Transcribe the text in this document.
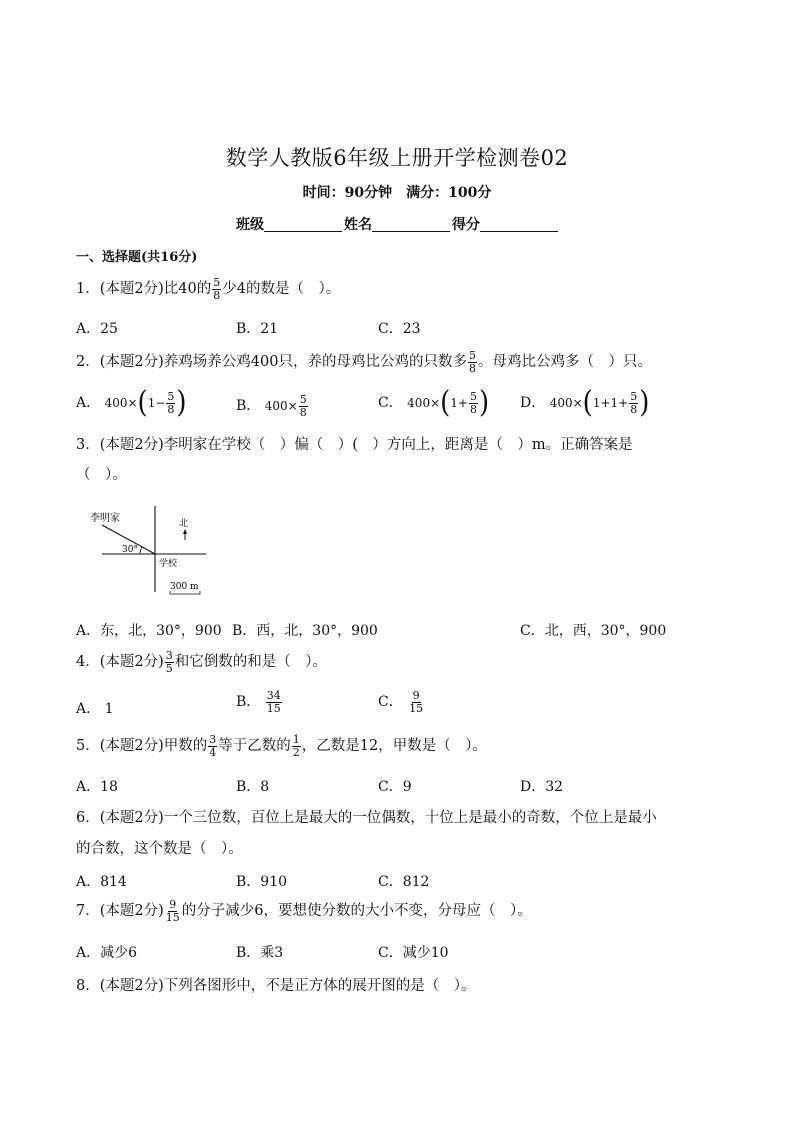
数学人教版6年级上册开学检测卷02
时间：90分钟　满分：100分
班级	姓名	得分
一、选择题(共16分)
1．(本题2分)比40的 $\frac{5}{8}$ 少4的数是（　）。
A．25	B．21	C．23
2．(本题2分)养鸡场养公鸡400只，养的母鸡比公鸡的只数多 $\frac{5}{8}$ 。母鸡比公鸡多（　）只。
A． $400\times(1- \frac{5}{8}$ )	B． $400\times \frac{5}{8}$	C． $400\times(1+ \frac{5}{8}$ ) D． $400\times(1+1+ \frac{5}{8}$ )
3．(本题2分)李明家在学校（　）偏（　）(　）方向上，距离是（　）m。正确答案是
（　）。
李明家
30°
北
学校
300 m
A．东，北，30°，900 B．西，北，30°，900	C．北，西，30°，900
4．(本题2分) $\frac{3}{5}$ 和它倒数的和是（　）。
A． 1	B． $\frac{34}{15}$	C． $\frac{9}{15}$
5．(本题2分)甲数的 $\frac{3}{4}$ 等于乙数的 $\frac{1}{2}$ ，乙数是12，甲数是（　）。
A．18	B．8	C．9	D．32
6．(本题2分)一个三位数，百位上是最大的一位偶数，十位上是最小的奇数，个位上是最小
的合数，这个数是（　）。
A．814	B．910	C．812
7．(本题2分) $\frac{9}{15}$ 的分子减少6，要想使分数的大小不变，分母应（　）。
A．减少6	B．乘3	C．减少10
8．(本题2分)下列各图形中，不是正方体的展开图的是（　）。
